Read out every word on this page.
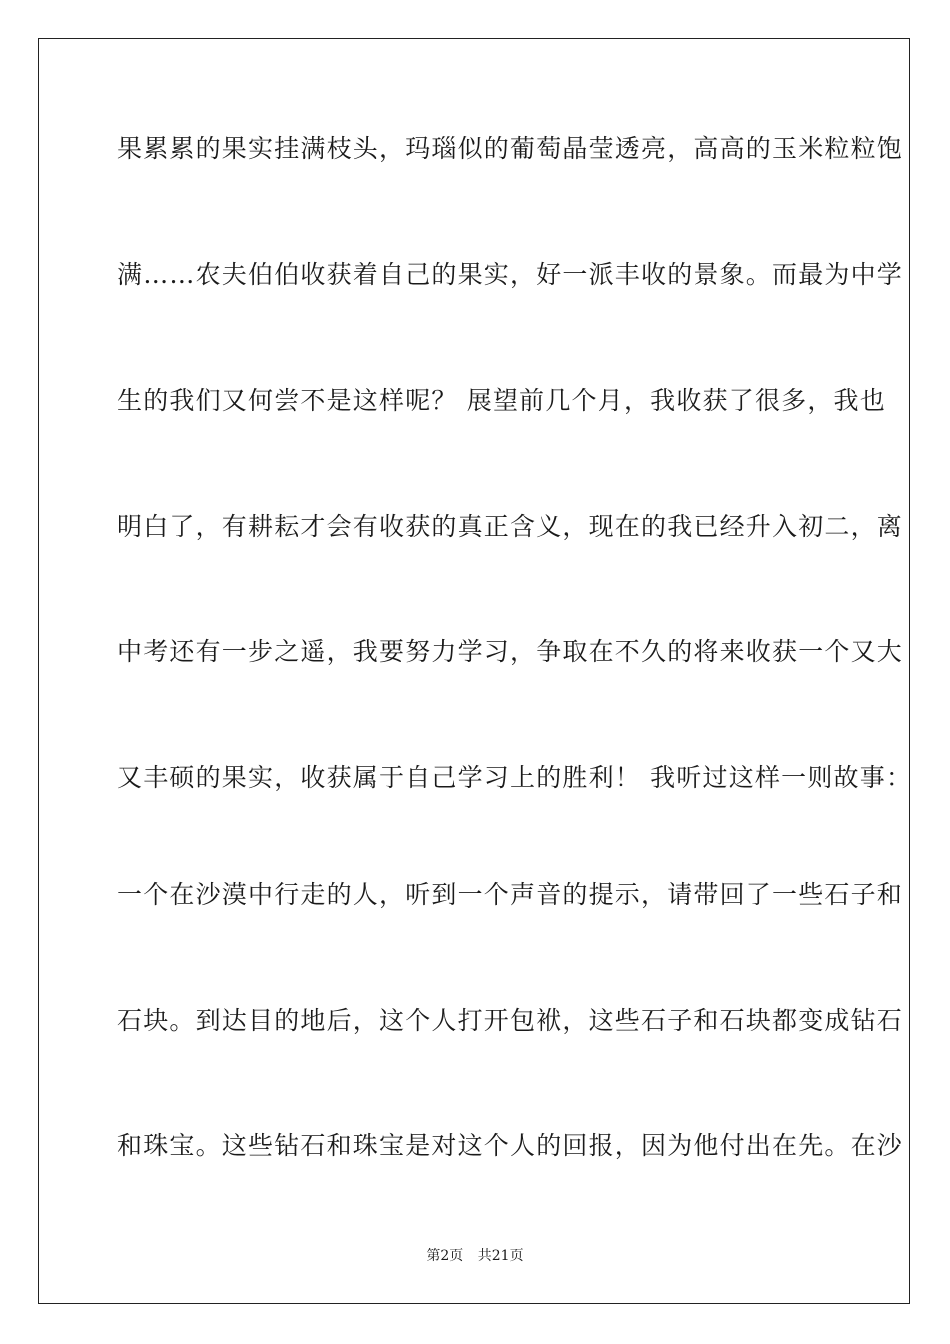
果累累的果实挂满枝头，玛瑙似的葡萄晶莹透亮，高高的玉米粒粒饱
满……农夫伯伯收获着自己的果实，好一派丰收的景象。而最为中学
生的我们又何尝不是这样呢？ 展望前几个月，我收获了很多，我也
明白了，有耕耘才会有收获的真正含义，现在的我已经升入初二，离
中考还有一步之遥，我要努力学习，争取在不久的将来收获一个又大
又丰硕的果实，收获属于自己学习上的胜利！ 我听过这样一则故事：
一个在沙漠中行走的人，听到一个声音的提示，请带回了一些石子和
石块。到达目的地后，这个人打开包袱，这些石子和石块都变成钻石
和珠宝。这些钻石和珠宝是对这个人的回报，因为他付出在先。在沙
第2页 共21页
